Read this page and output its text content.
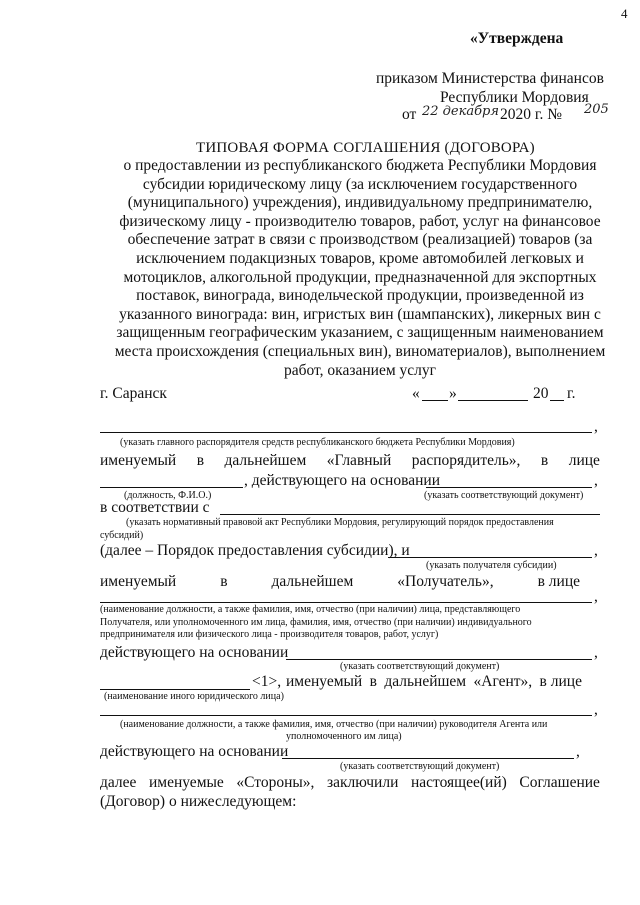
4
«Утверждена
приказом Министерства финансов
Республики Мордовия
от 22 декабря 2020 г. № 205
ТИПОВАЯ ФОРМА СОГЛАШЕНИЯ (ДОГОВОРА)
о предоставлении из республиканского бюджета Республики Мордовия
субсидии юридическому лицу (за исключением государственного
(муниципального) учреждения), индивидуальному предпринимателю,
физическому лицу - производителю товаров, работ, услуг на финансовое
обеспечение затрат в связи с производством (реализацией) товаров (за
исключением подакцизных товаров, кроме автомобилей легковых и
мотоциклов, алкогольной продукции, предназначенной для экспортных
поставок, винограда, винодельческой продукции, произведенной из
указанного винограда: вин, игристых вин (шампанских), ликерных вин с
защищенным географическим указанием, с защищенным наименованием
места происхождения (специальных вин), виноматериалов), выполнением
работ, оказанием услуг
г. Саранск	« »	20 г.
,
(указать главного распорядителя средств республиканского бюджета Республики Мордовия)
именуемый в дальнейшем «Главный распорядитель», в лице
, действующего на основании	,
(должность, Ф.И.О.)	(указать соответствующий документ)
в соответствии с
(указать нормативный правовой акт Республики Мордовия, регулирующий порядок предоставления
субсидий)
(далее – Порядок предоставления субсидии), и	,
(указать получателя субсидии)
именуемый	в	дальнейшем	«Получатель»,	в лице
,
(наименование должности, а также фамилия, имя, отчество (при наличии) лица, представляющего
Получателя, или уполномоченного им лица, фамилия, имя, отчество (при наличии) индивидуального
предпринимателя или физического лица - производителя товаров, работ, услуг)
действующего на основании	,
(указать соответствующий документ)
<1>, именуемый в дальнейшем «Агент», в лице
(наименование иного юридического лица)
,
(наименование должности, а также фамилия, имя, отчество (при наличии) руководителя Агента или
уполномоченного им лица)
действующего на основании	,
(указать соответствующий документ)
далее именуемые «Стороны», заключили настоящее(ий) Соглашение
(Договор) о нижеследующем:
